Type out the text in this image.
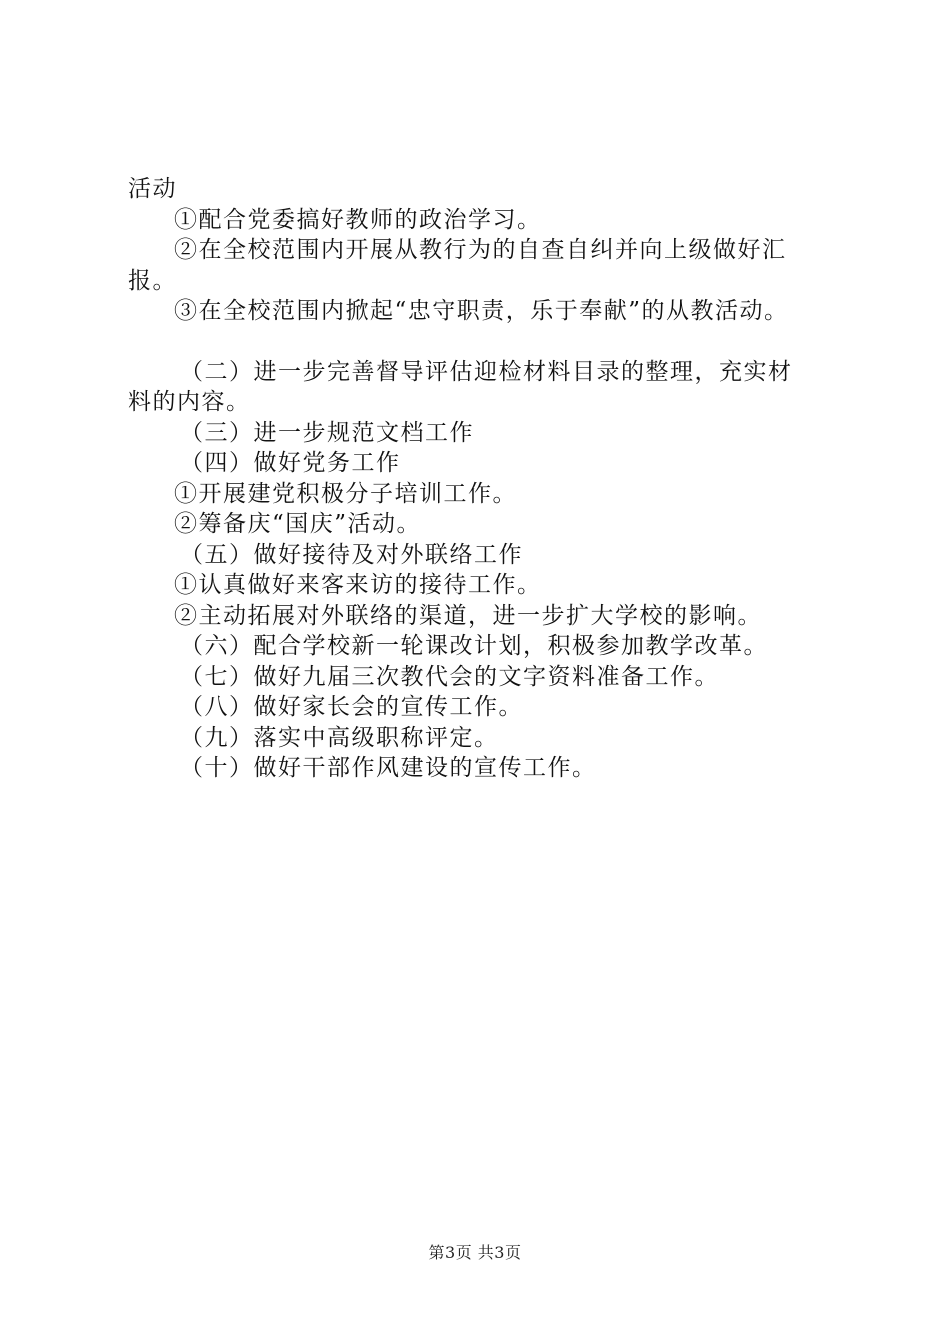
活动
①配合党委搞好教师的政治学习。
②在全校范围内开展从教行为的自查自纠并向上级做好汇
报。
③在全校范围内掀起“忠守职责，乐于奉献”的从教活动。
（二）进一步完善督导评估迎检材料目录的整理，充实材
料的内容。
（三）进一步规范文档工作
（四）做好党务工作
①开展建党积极分子培训工作。
②筹备庆“国庆”活动。
（五）做好接待及对外联络工作
①认真做好来客来访的接待工作。
②主动拓展对外联络的渠道，进一步扩大学校的影响。
（六）配合学校新一轮课改计划，积极参加教学改革。
（七）做好九届三次教代会的文字资料准备工作。
（八）做好家长会的宣传工作。
（九）落实中高级职称评定。
（十）做好干部作风建设的宣传工作。
第3页 共3页
